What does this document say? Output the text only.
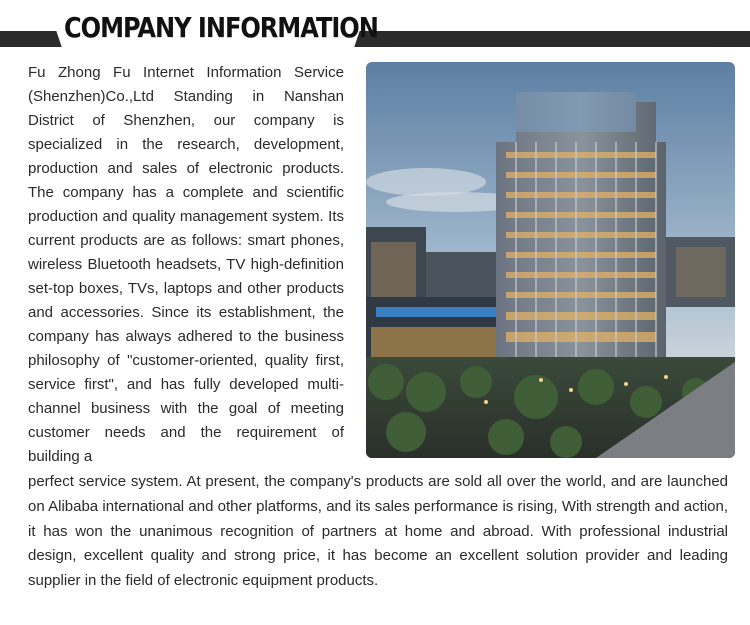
COMPANY INFORMATION

Fu Zhong Fu Internet Information Service (Shenzhen)Co.,Ltd Standing in Nanshan District of Shenzhen, our company is specialized in the research, development, production and sales of electronic products. The company has a complete and scientific production and quality management system. Its current products are as follows: smart phones, wireless Bluetooth headsets, TV high-definition set-top boxes, TVs, laptops and other products and accessories. Since its establishment, the company has always adhered to the business philosophy of "customer-oriented, quality first, service first", and has fully developed multi-channel business with the goal of meeting customer needs and the requirement of building a

perfect service system. At present, the company's products are sold all over the world, and are launched on Alibaba international and other platforms, and its sales performance is rising, With strength and action, it has won the unanimous recognition of partners at home and abroad. With professional industrial design, excellent quality and strong price, it has become an excellent solution provider and leading supplier in the field of electronic equipment products.
